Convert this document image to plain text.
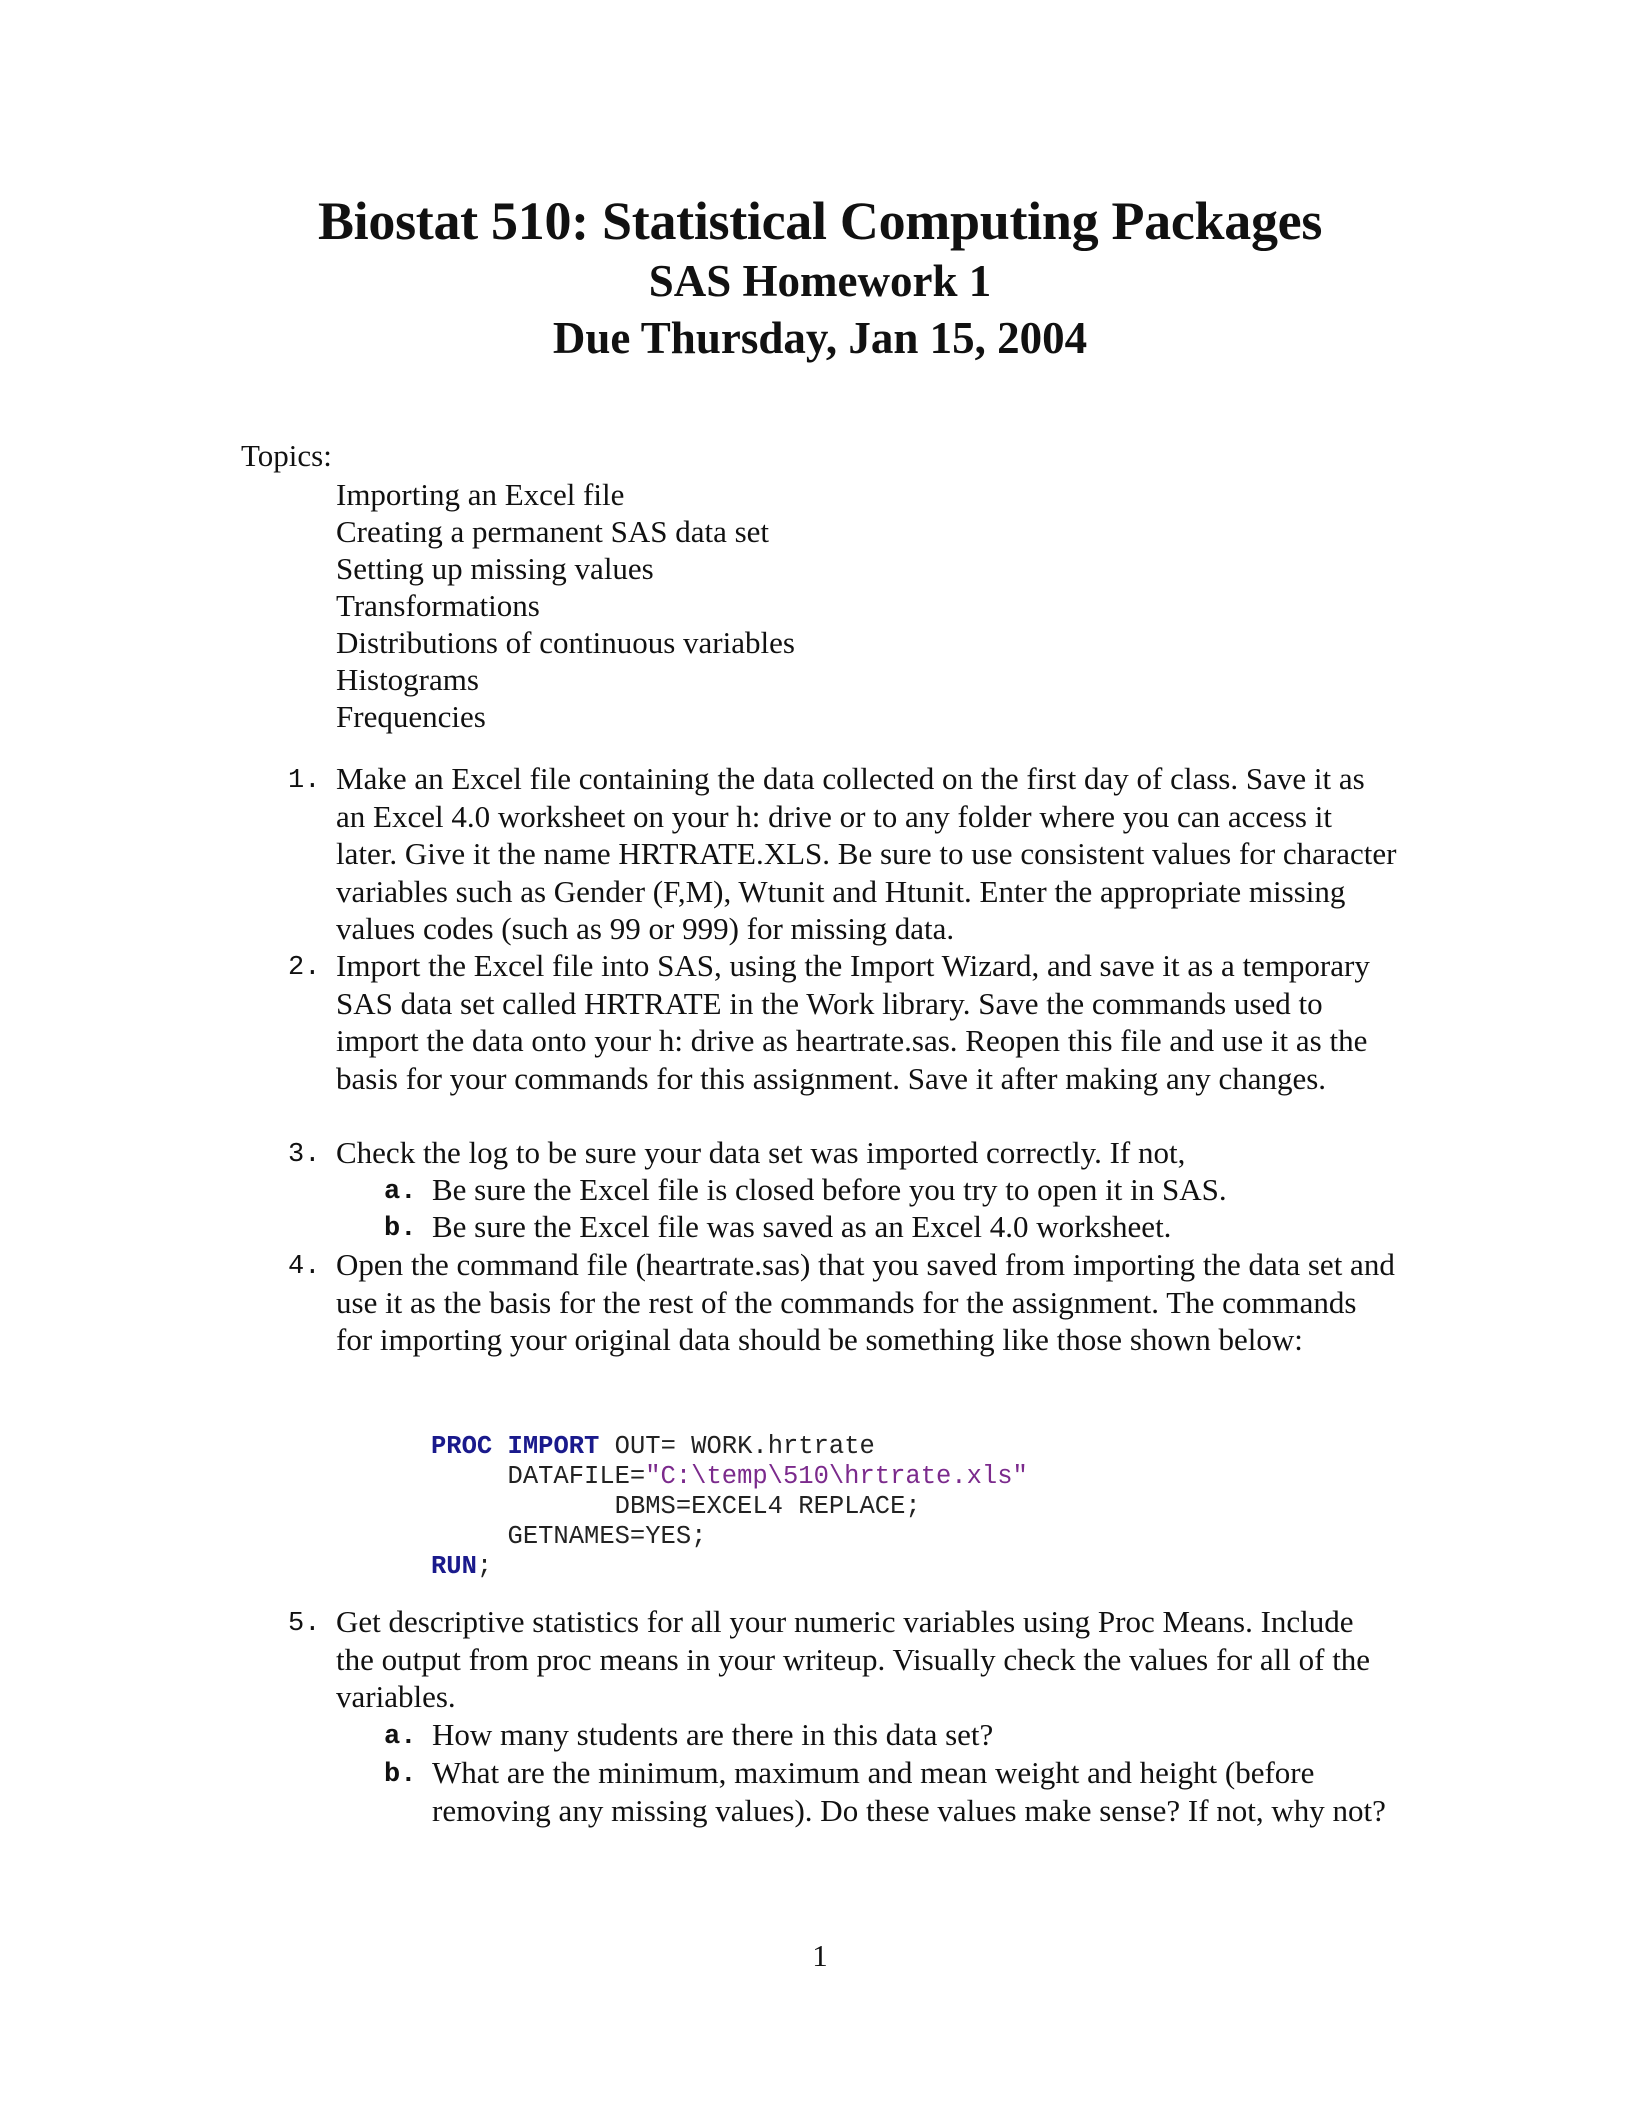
Biostat 510: Statistical Computing Packages
SAS Homework 1
Due Thursday, Jan 15, 2004
Topics:
Importing an Excel file
Creating a permanent SAS data set
Setting up missing values
Transformations
Distributions of continuous variables
Histograms
Frequencies
1. Make an Excel file containing the data collected on the first day of class. Save it as an Excel 4.0 worksheet on your h: drive or to any folder where you can access it later. Give it the name HRTRATE.XLS. Be sure to use consistent values for character variables such as Gender (F,M), Wtunit and Htunit. Enter the appropriate missing values codes (such as 99 or 999) for missing data.
2. Import the Excel file into SAS, using the Import Wizard, and save it as a temporary SAS data set called HRTRATE in the Work library. Save the commands used to import the data onto your h: drive as heartrate.sas. Reopen this file and use it as the basis for your commands for this assignment. Save it after making any changes.
3. Check the log to be sure your data set was imported correctly. If not,
a. Be sure the Excel file is closed before you try to open it in SAS.
b. Be sure the Excel file was saved as an Excel 4.0 worksheet.
4. Open the command file (heartrate.sas) that you saved from importing the data set and use it as the basis for the rest of the commands for the assignment. The commands for importing your original data should be something like those shown below:
PROC IMPORT OUT= WORK.hrtrate
DATAFILE="C:\temp\510\hrtrate.xls"
DBMS=EXCEL4 REPLACE;
GETNAMES=YES;
RUN;
5. Get descriptive statistics for all your numeric variables using Proc Means. Include the output from proc means in your writeup. Visually check the values for all of the variables.
a. How many students are there in this data set?
b. What are the minimum, maximum and mean weight and height (before removing any missing values). Do these values make sense? If not, why not?
1
